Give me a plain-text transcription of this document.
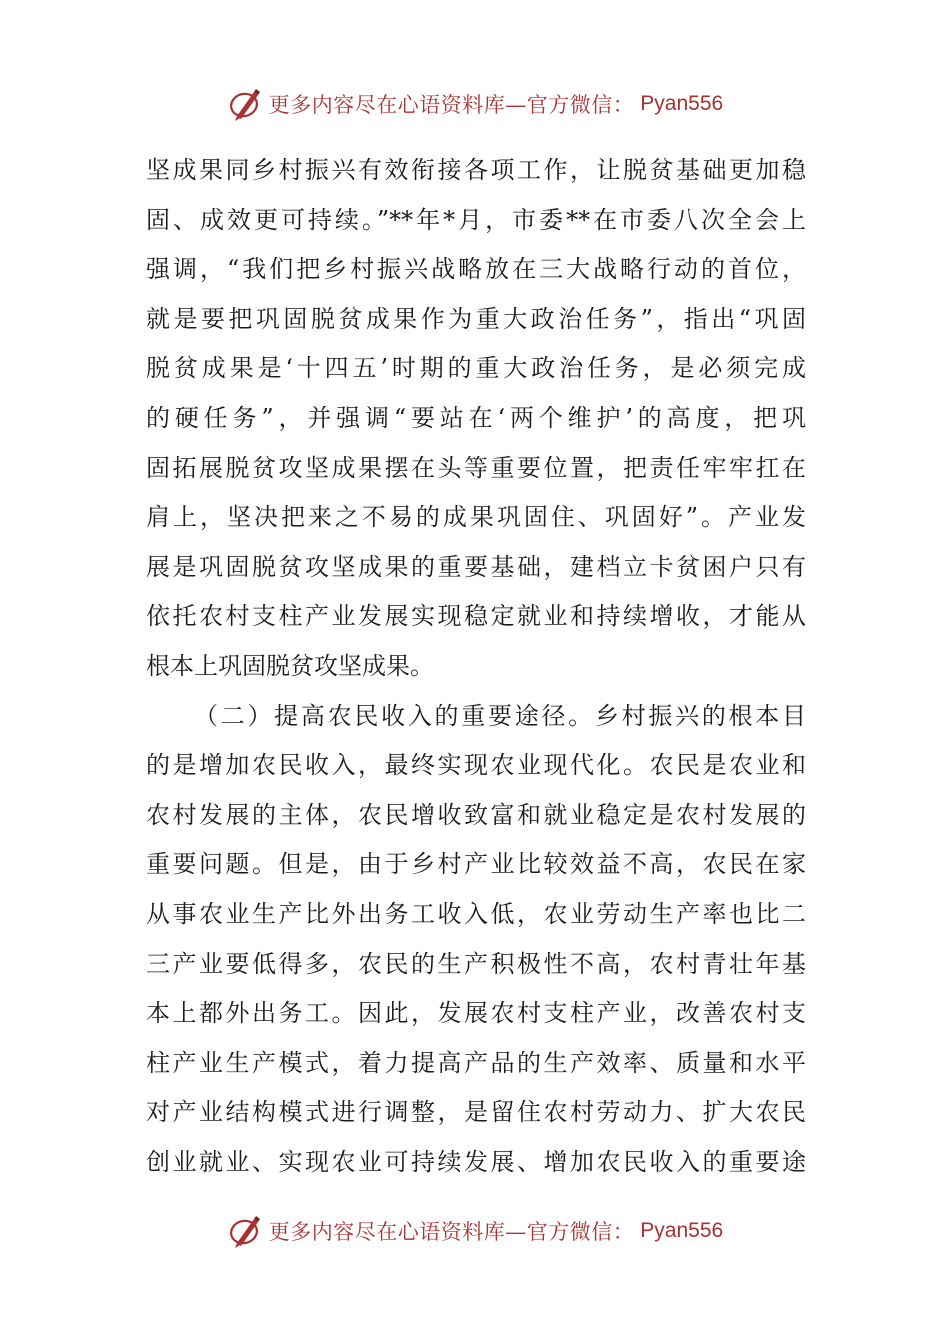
更多内容尽在心语资料库—官方微信： Pyan556
坚成果同乡村振兴有效衔接各项工作，让脱贫基础更加稳
固、成效更可持续。”**年*月，市委**在市委八次全会上
强调，“我们把乡村振兴战略放在三大战略行动的首位，
就是要把巩固脱贫成果作为重大政治任务”，指出“巩固
脱贫成果是‘十四五’时期的重大政治任务，是必须完成
的硬任务”，并强调“要站在‘两个维护’的高度，把巩
固拓展脱贫攻坚成果摆在头等重要位置，把责任牢牢扛在
肩上，坚决把来之不易的成果巩固住、巩固好”。产业发
展是巩固脱贫攻坚成果的重要基础，建档立卡贫困户只有
依托农村支柱产业发展实现稳定就业和持续增收，才能从
根本上巩固脱贫攻坚成果。
（二）提高农民收入的重要途径。乡村振兴的根本目
的是增加农民收入，最终实现农业现代化。农民是农业和
农村发展的主体，农民增收致富和就业稳定是农村发展的
重要问题。但是，由于乡村产业比较效益不高，农民在家
从事农业生产比外出务工收入低，农业劳动生产率也比二
三产业要低得多，农民的生产积极性不高，农村青壮年基
本上都外出务工。因此，发展农村支柱产业，改善农村支
柱产业生产模式，着力提高产品的生产效率、质量和水平
对产业结构模式进行调整，是留住农村劳动力、扩大农民
创业就业、实现农业可持续发展、增加农民收入的重要途
更多内容尽在心语资料库—官方微信： Pyan556
